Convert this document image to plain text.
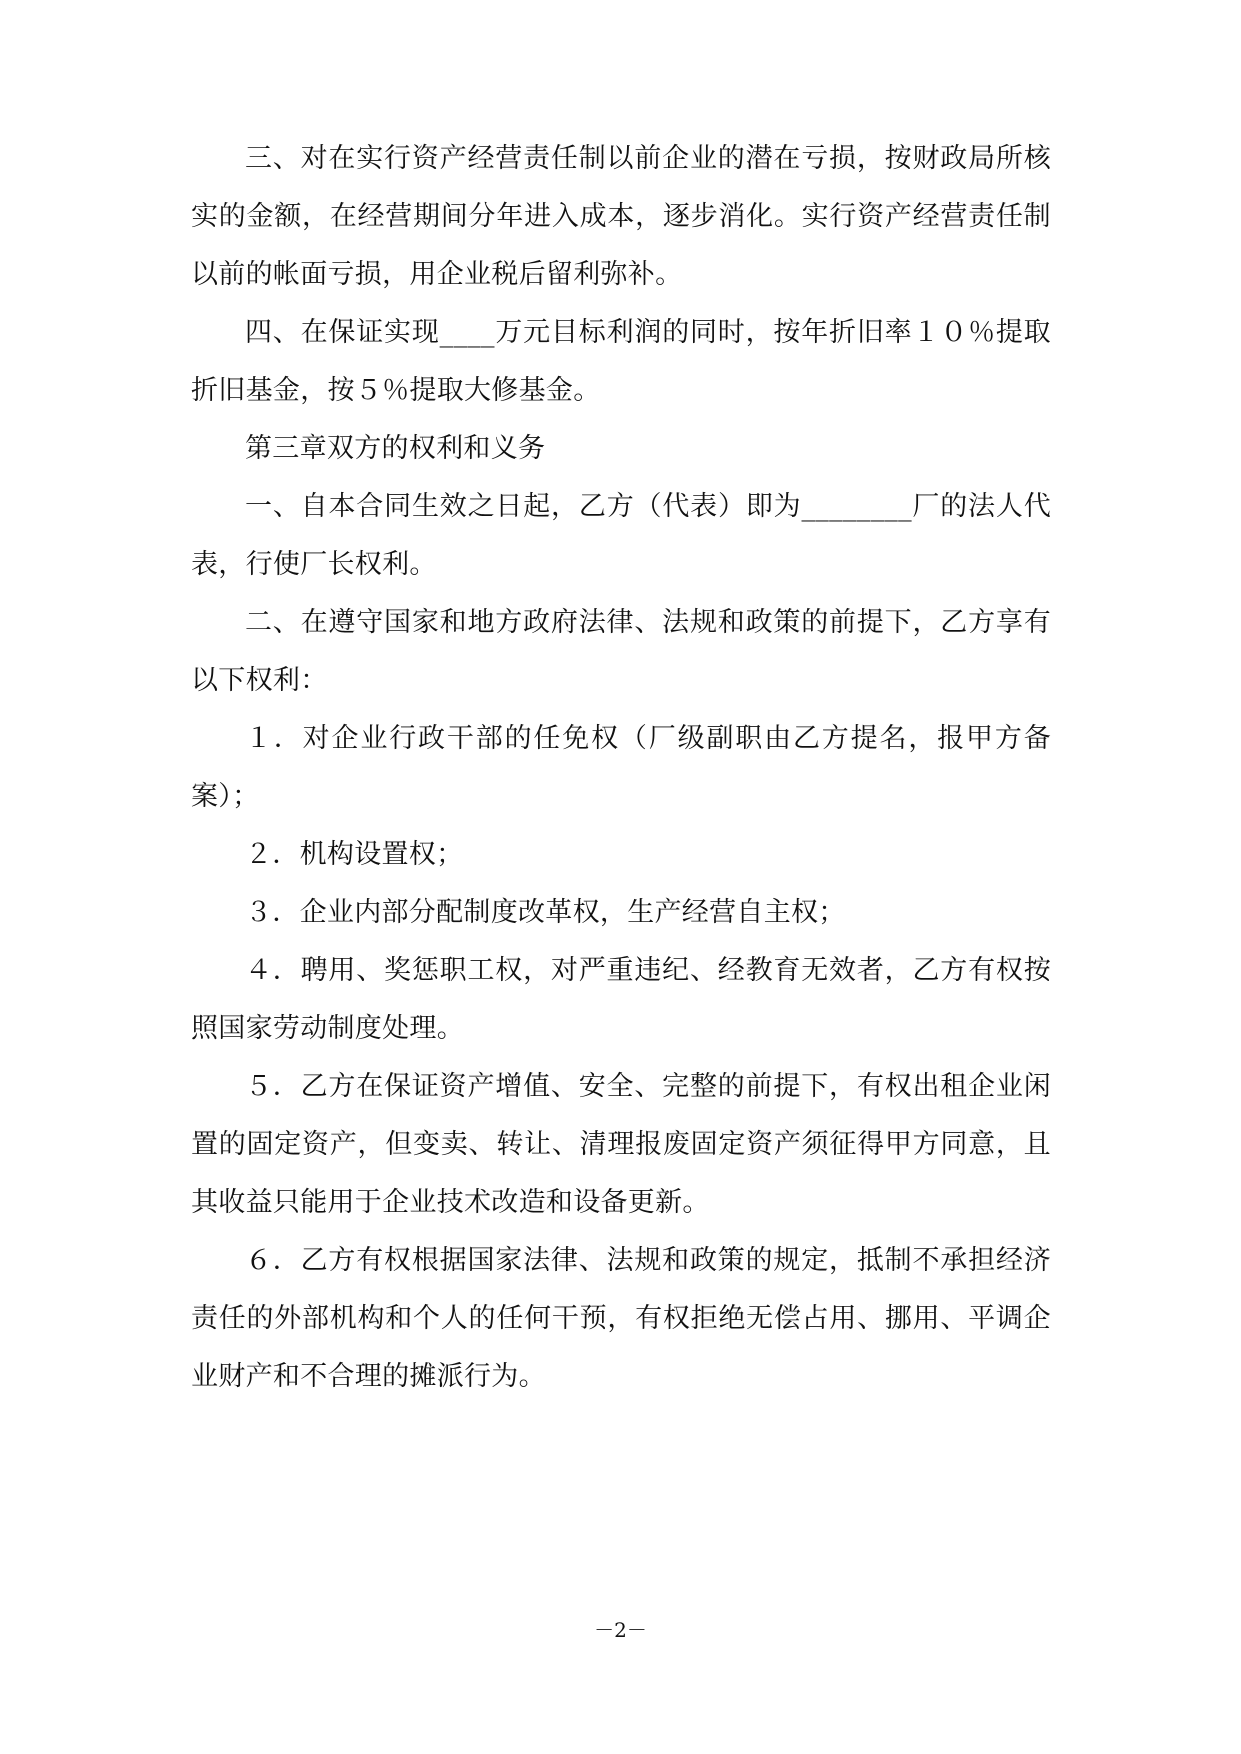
三、对在实行资产经营责任制以前企业的潜在亏损，按财政局所核实的金额，在经营期间分年进入成本，逐步消化。实行资产经营责任制以前的帐面亏损，用企业税后留利弥补。

四、在保证实现____万元目标利润的同时，按年折旧率１０％提取折旧基金，按５％提取大修基金。

第三章双方的权利和义务

一、自本合同生效之日起，乙方（代表）即为________厂的法人代表，行使厂长权利。

二、在遵守国家和地方政府法律、法规和政策的前提下，乙方享有以下权利：

１．对企业行政干部的任免权（厂级副职由乙方提名，报甲方备案）；

２．机构设置权；

３．企业内部分配制度改革权，生产经营自主权；

４．聘用、奖惩职工权，对严重违纪、经教育无效者，乙方有权按照国家劳动制度处理。

５．乙方在保证资产增值、安全、完整的前提下，有权出租企业闲置的固定资产，但变卖、转让、清理报废固定资产须征得甲方同意，且其收益只能用于企业技术改造和设备更新。

６．乙方有权根据国家法律、法规和政策的规定，抵制不承担经济责任的外部机构和个人的任何干预，有权拒绝无偿占用、挪用、平调企业财产和不合理的摊派行为。

－2－
